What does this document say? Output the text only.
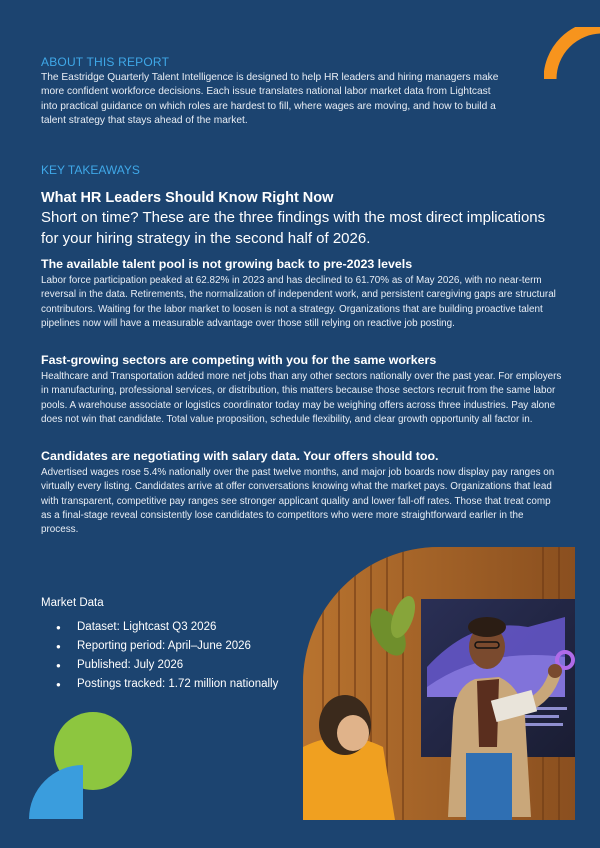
ABOUT THIS REPORT
The Eastridge Quarterly Talent Intelligence is designed to help HR leaders and hiring managers make more confident workforce decisions. Each issue translates national labor market data from Lightcast into practical guidance on which roles are hardest to fill, where wages are moving, and how to build a talent strategy that stays ahead of the market.
KEY TAKEAWAYS
What HR Leaders Should Know Right Now
Short on time? These are the three findings with the most direct implications for your hiring strategy in the second half of 2026.
The available talent pool is not growing back to pre-2023 levels

Labor force participation peaked at 62.82% in 2023 and has declined to 61.70% as of May 2026, with no near-term reversal in the data. Retirements, the normalization of independent work, and persistent caregiving gaps are structural contributors. Waiting for the labor market to loosen is not a strategy. Organizations that are building proactive talent pipelines now will have a measurable advantage over those still relying on reactive job posting.

Fast-growing sectors are competing with you for the same workers

Healthcare and Transportation added more net jobs than any other sectors nationally over the past year. For employers in manufacturing, professional services, or distribution, this matters because those sectors recruit from the same labor pools. A warehouse associate or logistics coordinator today may be weighing offers across three industries. Pay alone does not win that candidate. Total value proposition, schedule flexibility, and clear growth opportunity all factor in.

Candidates are negotiating with salary data. Your offers should too.

Advertised wages rose 5.4% nationally over the past twelve months, and major job boards now display pay ranges on virtually every listing. Candidates arrive at offer conversations knowing what the market pays. Organizations that lead with transparent, competitive pay ranges see stronger applicant quality and lower fall-off rates. Those that treat comp as a final-stage reveal consistently lose candidates to competitors who were more straightforward earlier in the process.

Market Data
● Dataset: Lightcast Q3 2026
● Reporting period: April–June 2026
● Published: July 2026
● Postings tracked: 1.72 million nationally
